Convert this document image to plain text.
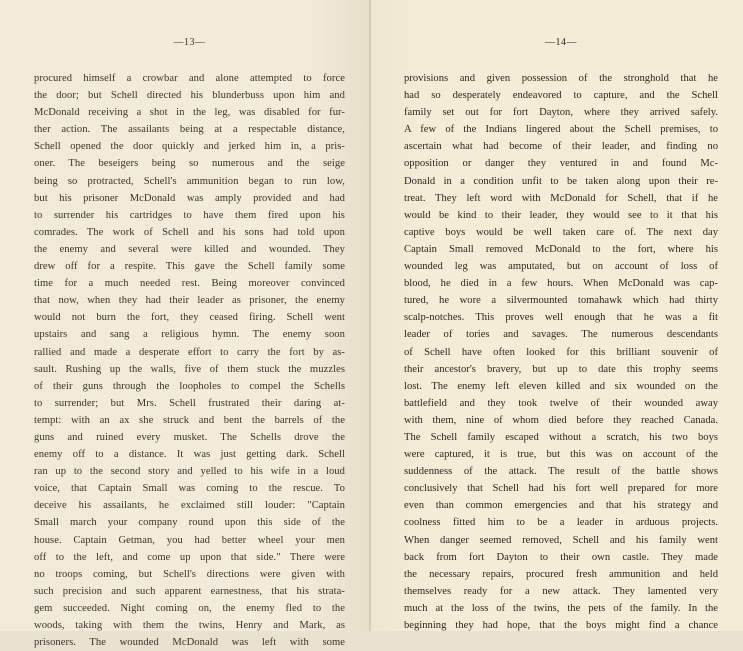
—13—
procured himself a crowbar and alone attempted to force
the door; but Schell directed his blunderbuss upon him and
McDonald receiving a shot in the leg, was disabled for fur-
ther action. The assailants being at a respectable distance,
Schell opened the door quickly and jerked him in, a pris-
oner. The beseigers being so numerous and the seige
being so protracted, Schell's ammunition began to run low,
but his prisoner McDonald was amply provided and had
to surrender his cartridges to have them fired upon his
comrades. The work of Schell and his sons had told upon
the enemy and several were killed and wounded. They
drew off for a respite. This gave the Schell family some
time for a much needed rest. Being moreover convinced
that now, when they had their leader as prisoner, the enemy
would not burn the fort, they ceased firing. Schell went
upstairs and sang a religious hymn. The enemy soon
rallied and made a desperate effort to carry the fort by as-
sault. Rushing up the walls, five of them stuck the muzzles
of their guns through the loopholes to compel the Schells
to surrender; but Mrs. Schell frustrated their daring at-
tempt: with an ax she struck and bent the barrels of the
guns and ruined every musket. The Schells drove the
enemy off to a distance. It was just getting dark. Schell
ran up to the second story and yelled to his wife in a loud
voice, that Captain Small was coming to the rescue. To
deceive his assailants, he exclaimed still louder: "Captain
Small march your company round upon this side of the
house. Captain Getman, you had better wheel your men
off to the left, and come up upon that side." There were
no troops coming, but Schell's directions were given with
such precision and such apparent earnestness, that his strata-
gem succeeded. Night coming on, the enemy fled to the
woods, taking with them the twins, Henry and Mark, as
prisoners. The wounded McDonald was left with some
—14—
provisions and given possession of the stronghold that he
had so desperately endeavored to capture, and the Schell
family set out for fort Dayton, where they arrived safely.
A few of the Indians lingered about the Schell premises, to
ascertain what had become of their leader, and finding no
opposition or danger they ventured in and found Mc-
Donald in a condition unfit to be taken along upon their re-
treat. They left word with McDonald for Schell, that if he
would be kind to their leader, they would see to it that his
captive boys would be well taken care of. The next day
Captain Small removed McDonald to the fort, where his
wounded leg was amputated, but on account of loss of
blood, he died in a few hours. When McDonald was cap-
tured, he wore a silvermounted tomahawk which had thirty
scalp-notches. This proves well enough that he was a fit
leader of tories and savages. The numerous descendants
of Schell have often looked for this brilliant souvenir of
their ancestor's bravery, but up to date this trophy seems
lost. The enemy left eleven killed and six wounded on the
battlefield and they took twelve of their wounded away
with them, nine of whom died before they reached Canada.
The Schell family escaped without a scratch, his two boys
were captured, it is true, but this was on account of the
suddenness of the attack. The result of the battle shows
conclusively that Schell had his fort well prepared for more
even than common emergencies and that his strategy and
coolness fitted him to be a leader in arduous projects.
When danger seemed removed, Schell and his family went
back from fort Dayton to their own castle. They made
the necessary repairs, procured fresh ammunition and held
themselves ready for a new attack. They lamented very
much at the loss of the twins, the pets of the family. In the
beginning they had hope, that the boys might find a chance
